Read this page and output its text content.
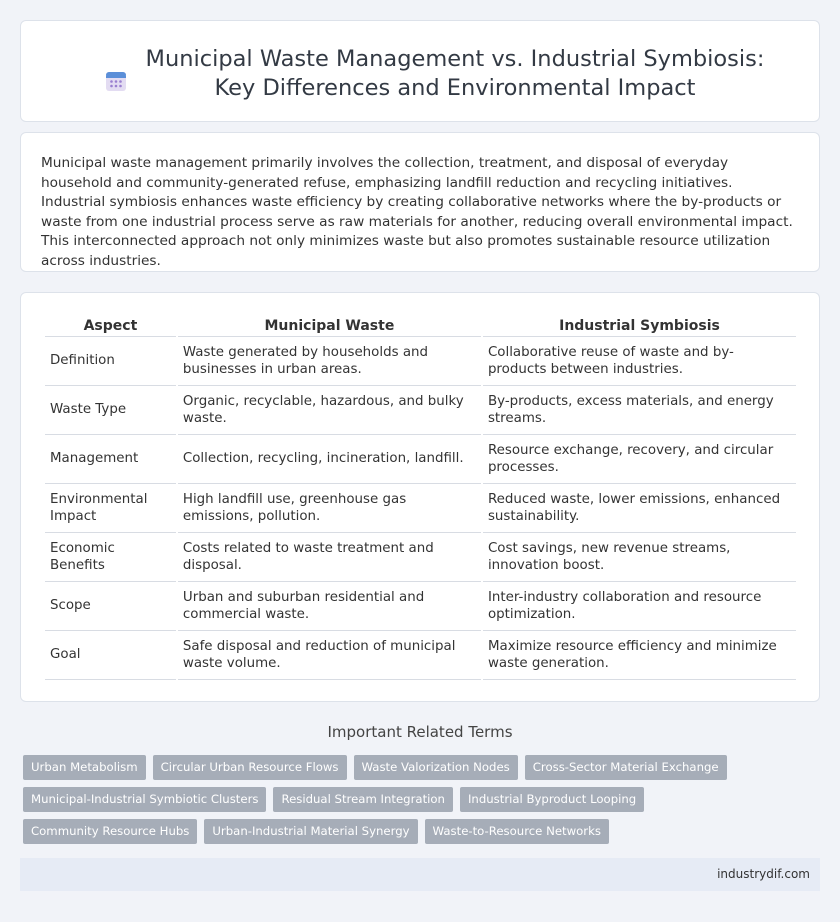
Municipal Waste Management vs. Industrial Symbiosis: Key Differences and Environmental Impact

Municipal waste management primarily involves the collection, treatment, and disposal of everyday household and community-generated refuse, emphasizing landfill reduction and recycling initiatives. Industrial symbiosis enhances waste efficiency by creating collaborative networks where the by-products or waste from one industrial process serve as raw materials for another, reducing overall environmental impact. This interconnected approach not only minimizes waste but also promotes sustainable resource utilization across industries.

Aspect	Municipal Waste	Industrial Symbiosis
Definition	Waste generated by households and businesses in urban areas.	Collaborative reuse of waste and by-products between industries.
Waste Type	Organic, recyclable, hazardous, and bulky waste.	By-products, excess materials, and energy streams.
Management	Collection, recycling, incineration, landfill.	Resource exchange, recovery, and circular processes.
Environmental Impact	High landfill use, greenhouse gas emissions, pollution.	Reduced waste, lower emissions, enhanced sustainability.
Economic Benefits	Costs related to waste treatment and disposal.	Cost savings, new revenue streams, innovation boost.
Scope	Urban and suburban residential and commercial waste.	Inter-industry collaboration and resource optimization.
Goal	Safe disposal and reduction of municipal waste volume.	Maximize resource efficiency and minimize waste generation.
Important Related Terms
Urban Metabolism	Circular Urban Resource Flows	Waste Valorization Nodes	Cross-Sector Material Exchange
Municipal-Industrial Symbiotic Clusters	Residual Stream Integration	Industrial Byproduct Looping
Community Resource Hubs	Urban-Industrial Material Synergy	Waste-to-Resource Networks
industrydif.com
